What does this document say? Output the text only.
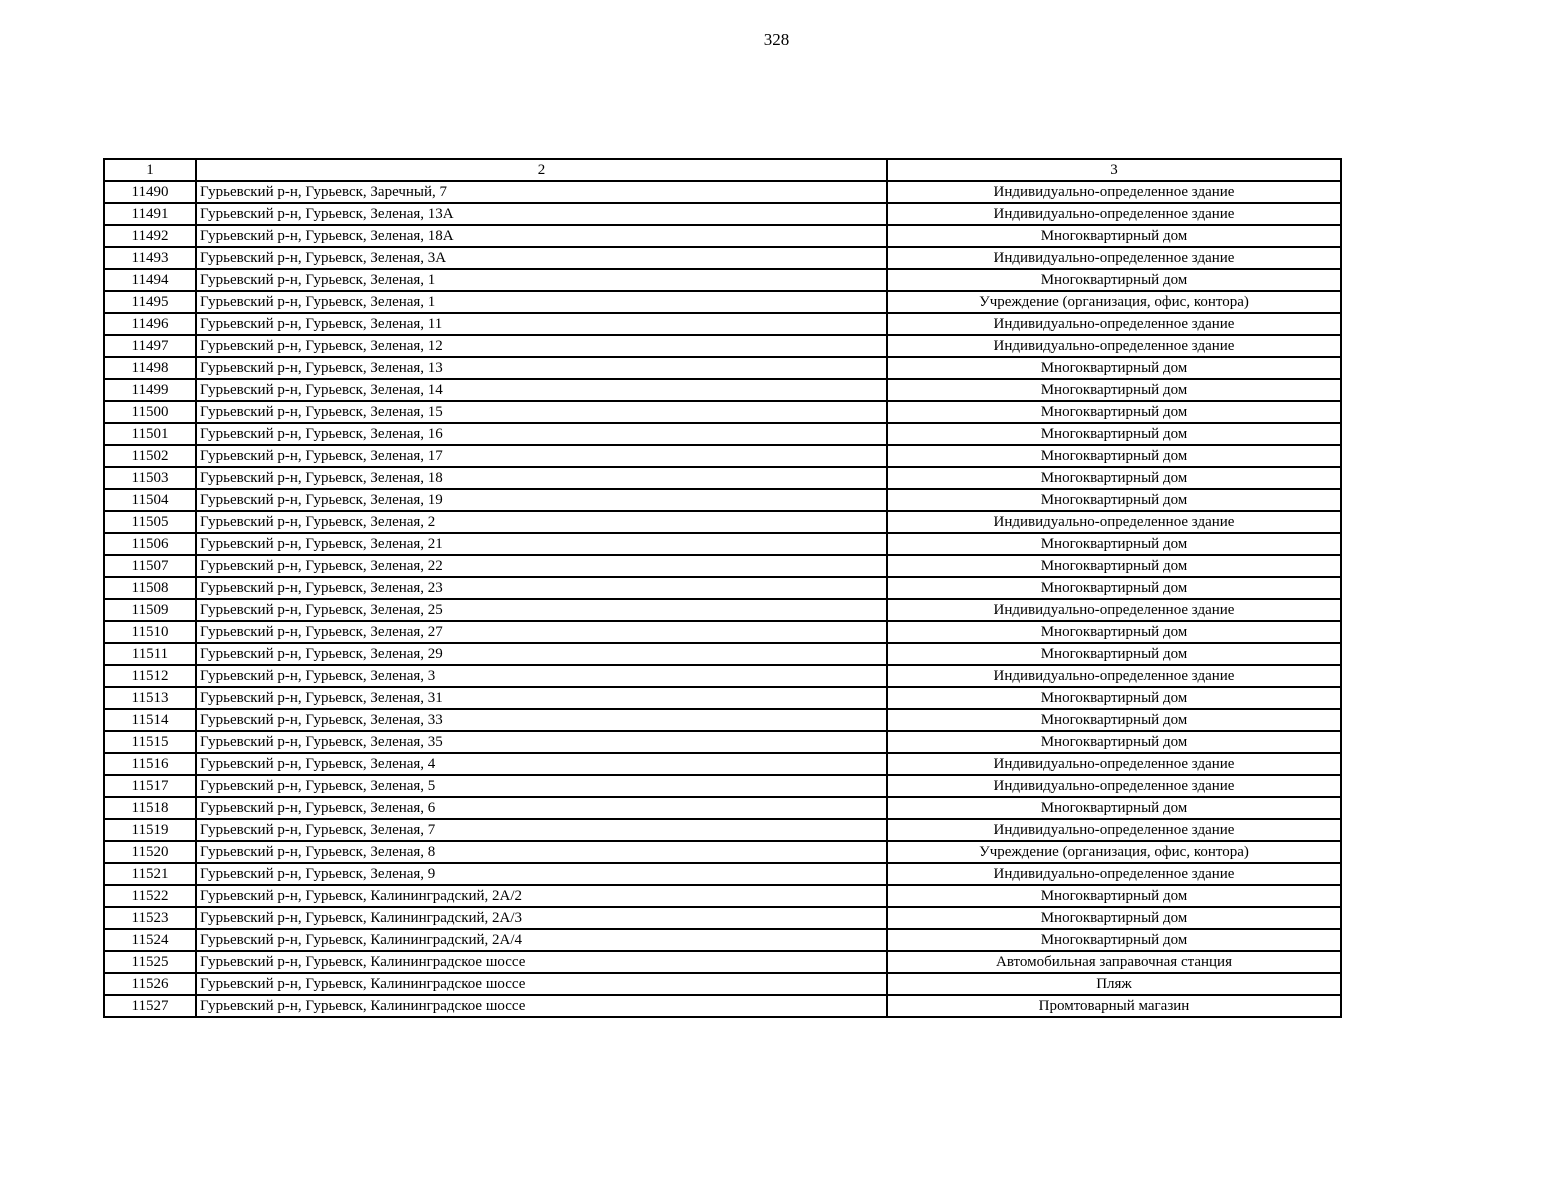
328
1	2	3
11490	Гурьевский р-н, Гурьевск, Заречный, 7	Индивидуально-определенное здание
11491	Гурьевский р-н, Гурьевск, Зеленая, 13А	Индивидуально-определенное здание
11492	Гурьевский р-н, Гурьевск, Зеленая, 18А	Многоквартирный дом
11493	Гурьевский р-н, Гурьевск, Зеленая, 3А	Индивидуально-определенное здание
11494	Гурьевский р-н, Гурьевск, Зеленая, 1	Многоквартирный дом
11495	Гурьевский р-н, Гурьевск, Зеленая, 1	Учреждение (организация, офис, контора)
11496	Гурьевский р-н, Гурьевск, Зеленая, 11	Индивидуально-определенное здание
11497	Гурьевский р-н, Гурьевск, Зеленая, 12	Индивидуально-определенное здание
11498	Гурьевский р-н, Гурьевск, Зеленая, 13	Многоквартирный дом
11499	Гурьевский р-н, Гурьевск, Зеленая, 14	Многоквартирный дом
11500	Гурьевский р-н, Гурьевск, Зеленая, 15	Многоквартирный дом
11501	Гурьевский р-н, Гурьевск, Зеленая, 16	Многоквартирный дом
11502	Гурьевский р-н, Гурьевск, Зеленая, 17	Многоквартирный дом
11503	Гурьевский р-н, Гурьевск, Зеленая, 18	Многоквартирный дом
11504	Гурьевский р-н, Гурьевск, Зеленая, 19	Многоквартирный дом
11505	Гурьевский р-н, Гурьевск, Зеленая, 2	Индивидуально-определенное здание
11506	Гурьевский р-н, Гурьевск, Зеленая, 21	Многоквартирный дом
11507	Гурьевский р-н, Гурьевск, Зеленая, 22	Многоквартирный дом
11508	Гурьевский р-н, Гурьевск, Зеленая, 23	Многоквартирный дом
11509	Гурьевский р-н, Гурьевск, Зеленая, 25	Индивидуально-определенное здание
11510	Гурьевский р-н, Гурьевск, Зеленая, 27	Многоквартирный дом
11511	Гурьевский р-н, Гурьевск, Зеленая, 29	Многоквартирный дом
11512	Гурьевский р-н, Гурьевск, Зеленая, 3	Индивидуально-определенное здание
11513	Гурьевский р-н, Гурьевск, Зеленая, 31	Многоквартирный дом
11514	Гурьевский р-н, Гурьевск, Зеленая, 33	Многоквартирный дом
11515	Гурьевский р-н, Гурьевск, Зеленая, 35	Многоквартирный дом
11516	Гурьевский р-н, Гурьевск, Зеленая, 4	Индивидуально-определенное здание
11517	Гурьевский р-н, Гурьевск, Зеленая, 5	Индивидуально-определенное здание
11518	Гурьевский р-н, Гурьевск, Зеленая, 6	Многоквартирный дом
11519	Гурьевский р-н, Гурьевск, Зеленая, 7	Индивидуально-определенное здание
11520	Гурьевский р-н, Гурьевск, Зеленая, 8	Учреждение (организация, офис, контора)
11521	Гурьевский р-н, Гурьевск, Зеленая, 9	Индивидуально-определенное здание
11522	Гурьевский р-н, Гурьевск, Калининградский, 2А/2	Многоквартирный дом
11523	Гурьевский р-н, Гурьевск, Калининградский, 2А/3	Многоквартирный дом
11524	Гурьевский р-н, Гурьевск, Калининградский, 2А/4	Многоквартирный дом
11525	Гурьевский р-н, Гурьевск, Калининградское шоссе	Автомобильная заправочная станция
11526	Гурьевский р-н, Гурьевск, Калининградское шоссе	Пляж
11527	Гурьевский р-н, Гурьевск, Калининградское шоссе	Промтоварный магазин
